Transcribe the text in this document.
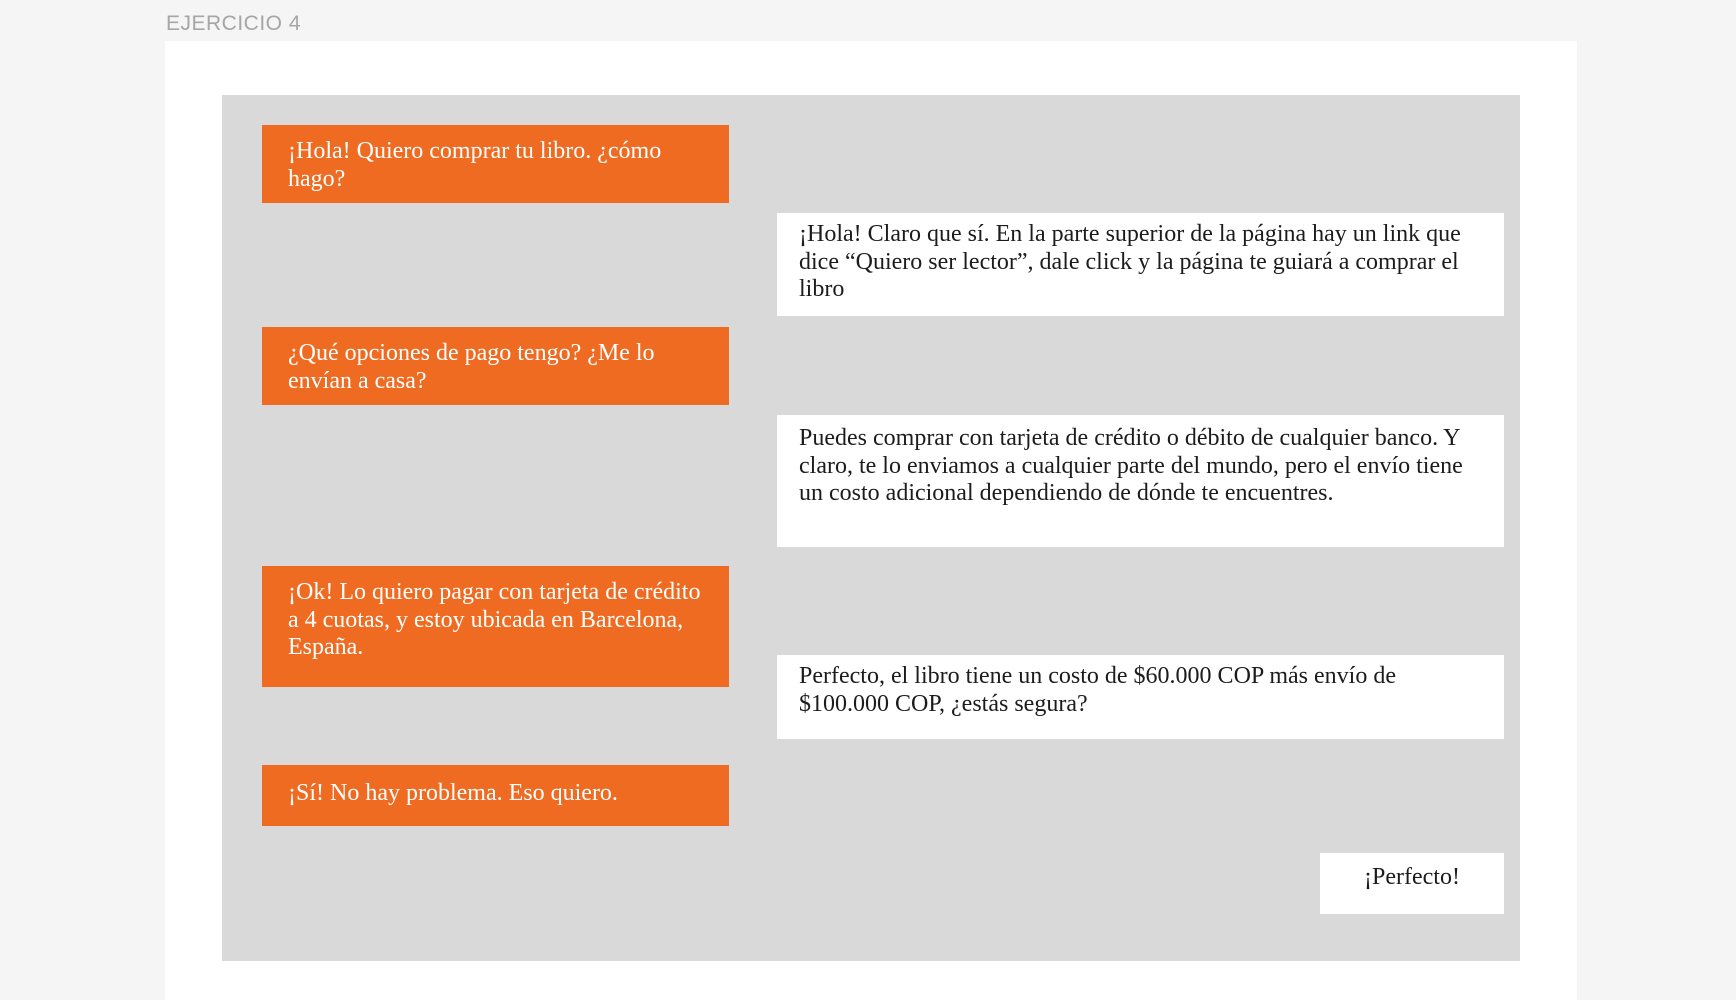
EJERCICIO 4
¡Hola! Quiero comprar tu libro. ¿cómo hago?
¡Hola! Claro que sí. En la parte superior de la página hay un link que dice “Quiero ser lector”, dale click y la página te guiará a comprar el libro
¿Qué opciones de pago tengo? ¿Me lo envían a casa?
Puedes comprar con tarjeta de crédito o débito de cualquier banco. Y claro, te lo enviamos a cualquier parte del mundo, pero el envío tiene un costo adicional dependiendo de dónde te encuentres.
¡Ok! Lo quiero pagar con tarjeta de crédito a 4 cuotas, y estoy ubicada en Barcelona, España.
Perfecto, el libro tiene un costo de $60.000 COP más envío de $100.000 COP, ¿estás segura?
¡Sí! No hay problema. Eso quiero.
¡Perfecto!
